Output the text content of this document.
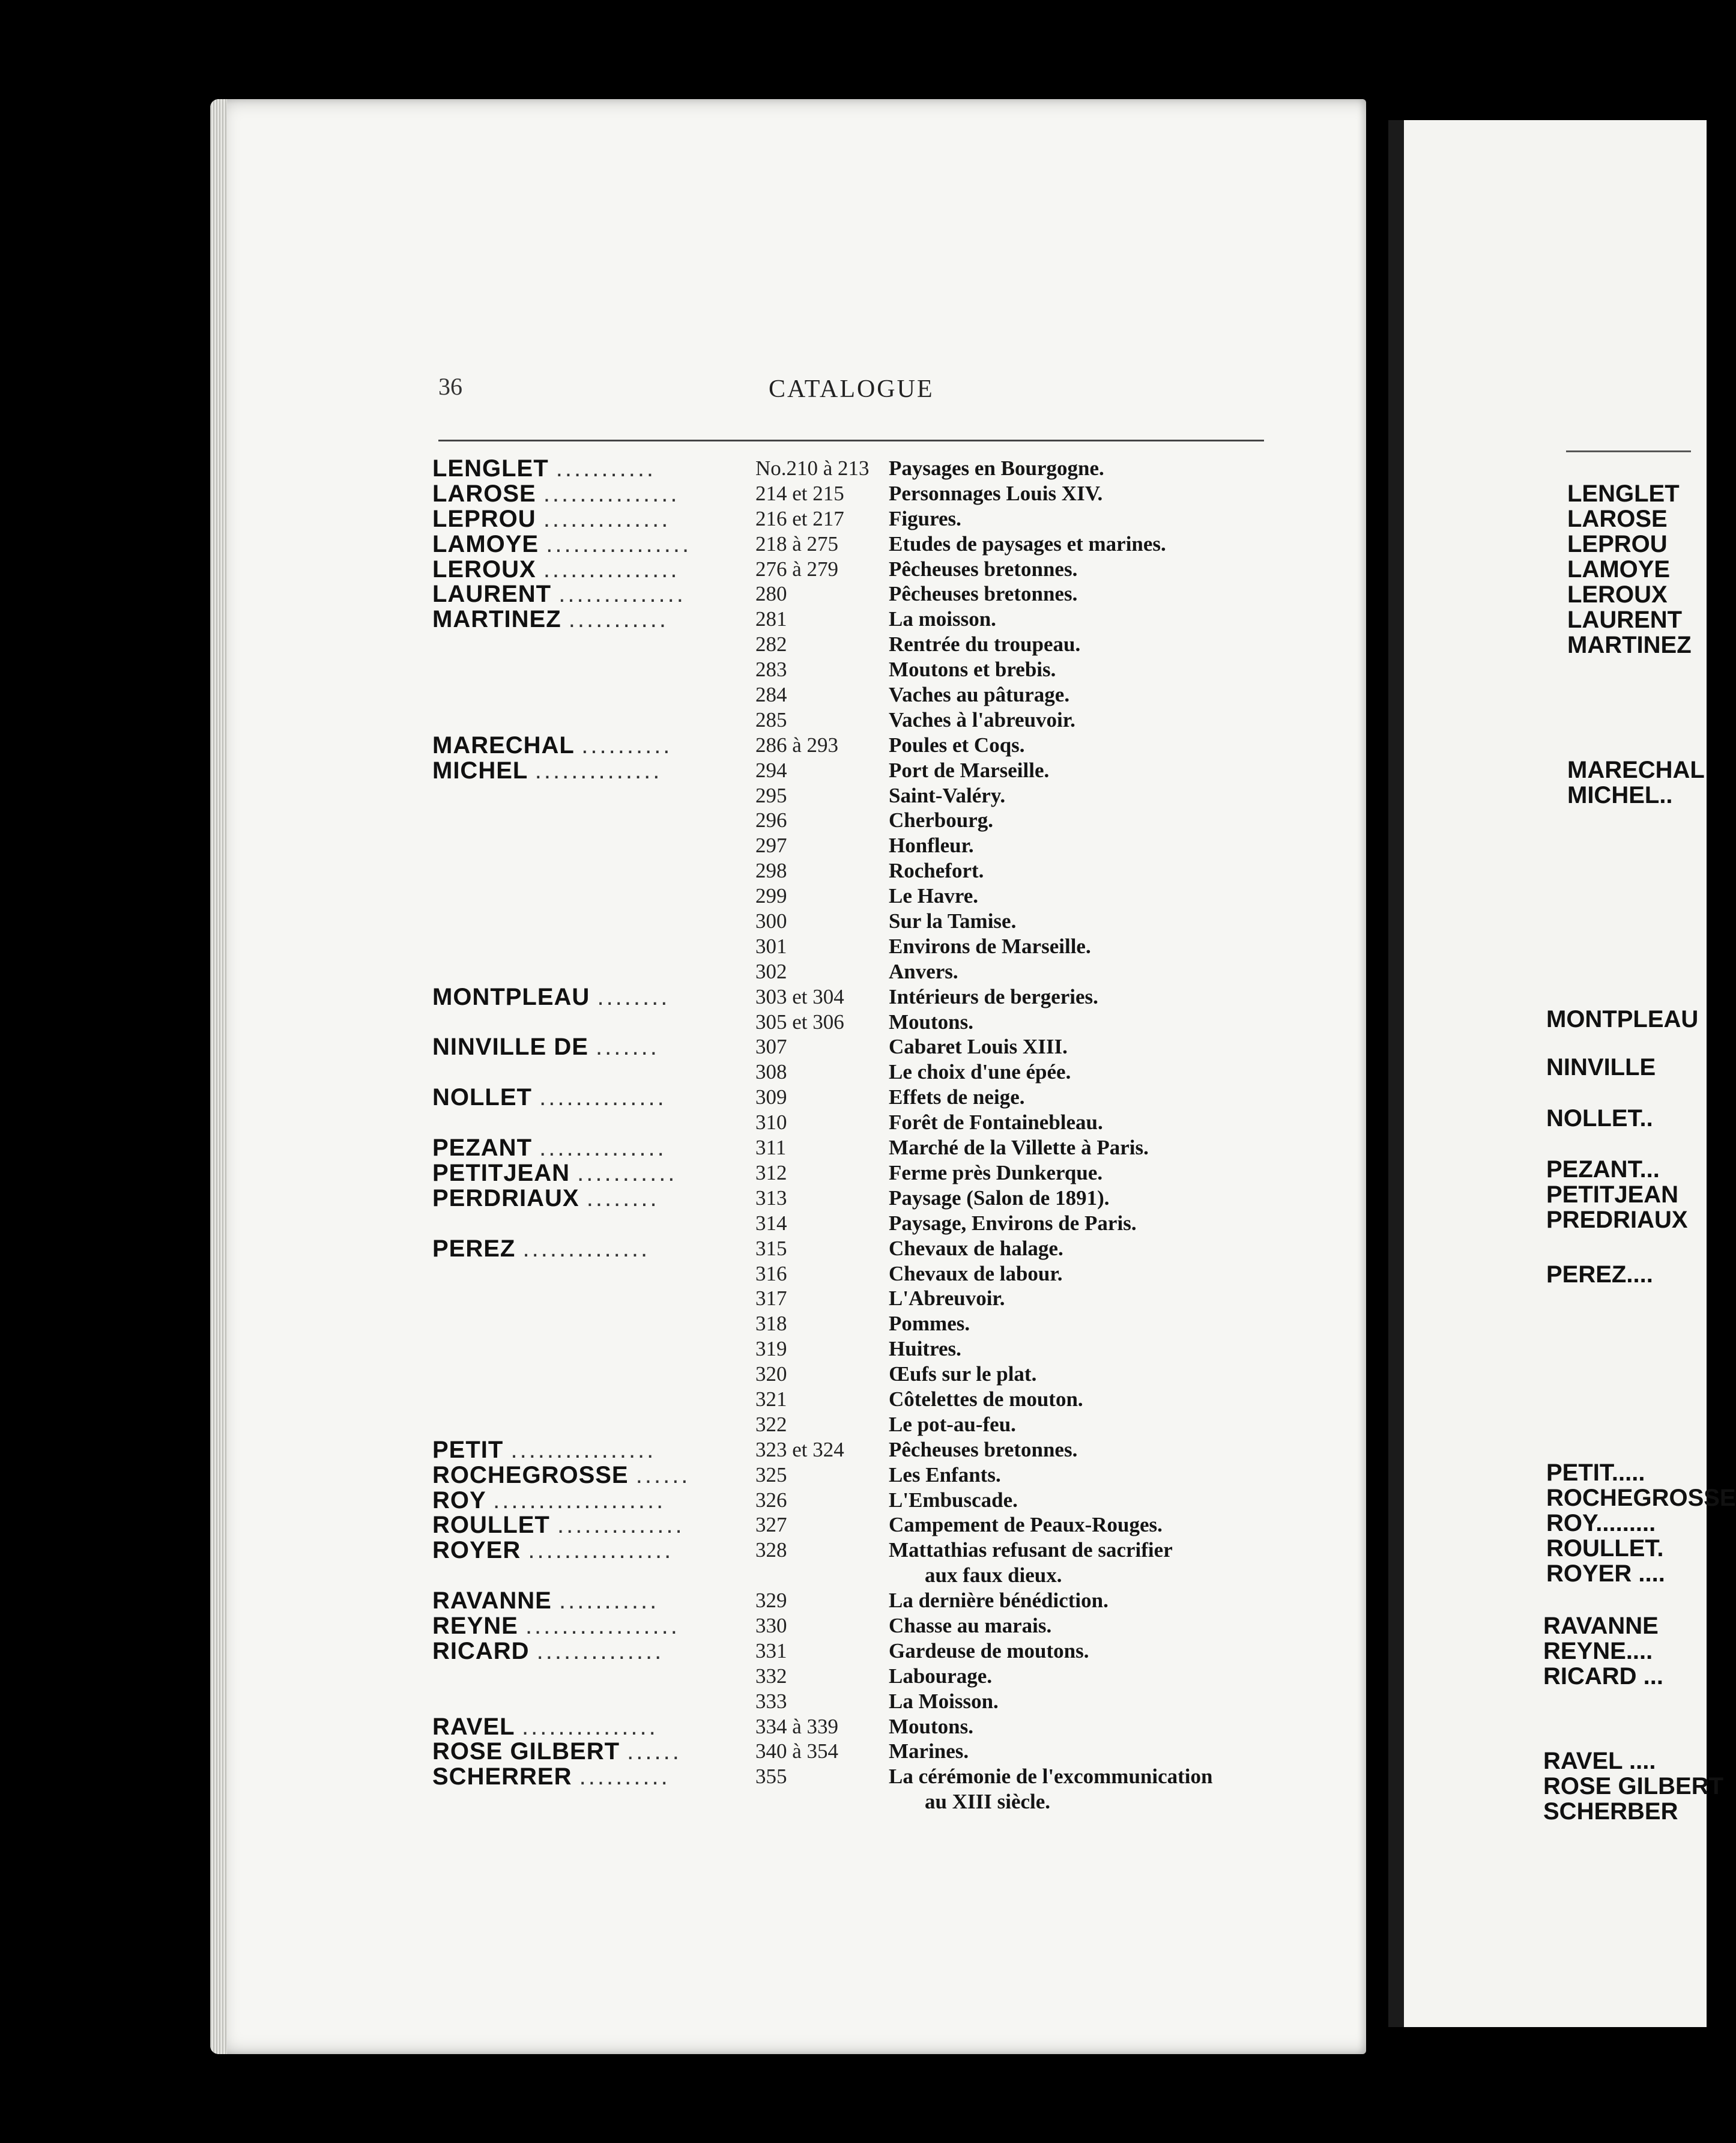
36	CATALOGUE
LENGLET ...........	No.210 à 213 Paysages en Bourgogne.
LAROSE ...............	214 et 215	Personnages Louis XIV.
LEPROU ..............	216 et 217	Figures.
LAMOYE ................	218 à 275	Etudes de paysages et marines.
LEROUX ...............	276 à 279	Pêcheuses bretonnes.
LAURENT ..............	280	Pêcheuses bretonnes.
MARTINEZ ...........	281	La moisson.
282	Rentrée du troupeau.
283	Moutons et brebis.
284	Vaches au pâturage.
285	Vaches à l'abreuvoir.
MARECHAL ..........	286 à 293	Poules et Coqs.
MICHEL ..............	294	Port de Marseille.
295	Saint-Valéry.
296	Cherbourg.
297	Honfleur.
298	Rochefort.
299	Le Havre.
300	Sur la Tamise.
301	Environs de Marseille.
302	Anvers.
MONTPLEAU ........	303 et 304	Intérieurs de bergeries.
305 et 306	Moutons.
NINVILLE DE .......	307	Cabaret Louis XIII.
308	Le choix d'une épée.
NOLLET ..............	309	Effets de neige.
310	Forêt de Fontainebleau.
PEZANT ..............	311	Marché de la Villette à Paris.
PETITJEAN ...........	312	Ferme près Dunkerque.
PERDRIAUX ........	313	Paysage (Salon de 1891).
314	Paysage, Environs de Paris.
PEREZ ..............	315	Chevaux de halage.
316	Chevaux de labour.
317	L'Abreuvoir.
318	Pommes.
319	Huitres.
320	Œufs sur le plat.
321	Côtelettes de mouton.
322	Le pot-au-feu.
PETIT ................	323 et 324	Pêcheuses bretonnes.
ROCHEGROSSE ......	325	Les Enfants.
ROY ...................	326	L'Embuscade.
ROULLET ..............	327	Campement de Peaux-Rouges.
ROYER ................	328	Mattathias refusant de sacrifier
aux faux dieux.
RAVANNE ...........	329	La dernière bénédiction.
REYNE .................	330	Chasse au marais.
RICARD ..............	331	Gardeuse de moutons.
332	Labourage.
333	La Moisson.
RAVEL ...............	334 à 339	Moutons.
ROSE GILBERT ......	340 à 354	Marines.
SCHERRER ..........	355	La cérémonie de l'excommunication
au XIII siècle.
LENGLET
LAROSE
LEPROU
LAMOYE
LEROUX
LAURENT
MARTINEZ
MARECHAL
MICHEL..
MONTPLEAU
NINVILLE
NOLLET..
PEZANT...
PETITJEAN
PREDRIAUX
PEREZ....
PETIT.....
ROCHEGROSSE
ROY.........
ROULLET.
ROYER ....
RAVANNE
REYNE....
RICARD ...
RAVEL ....
ROSE GILBERT
SCHERBER
